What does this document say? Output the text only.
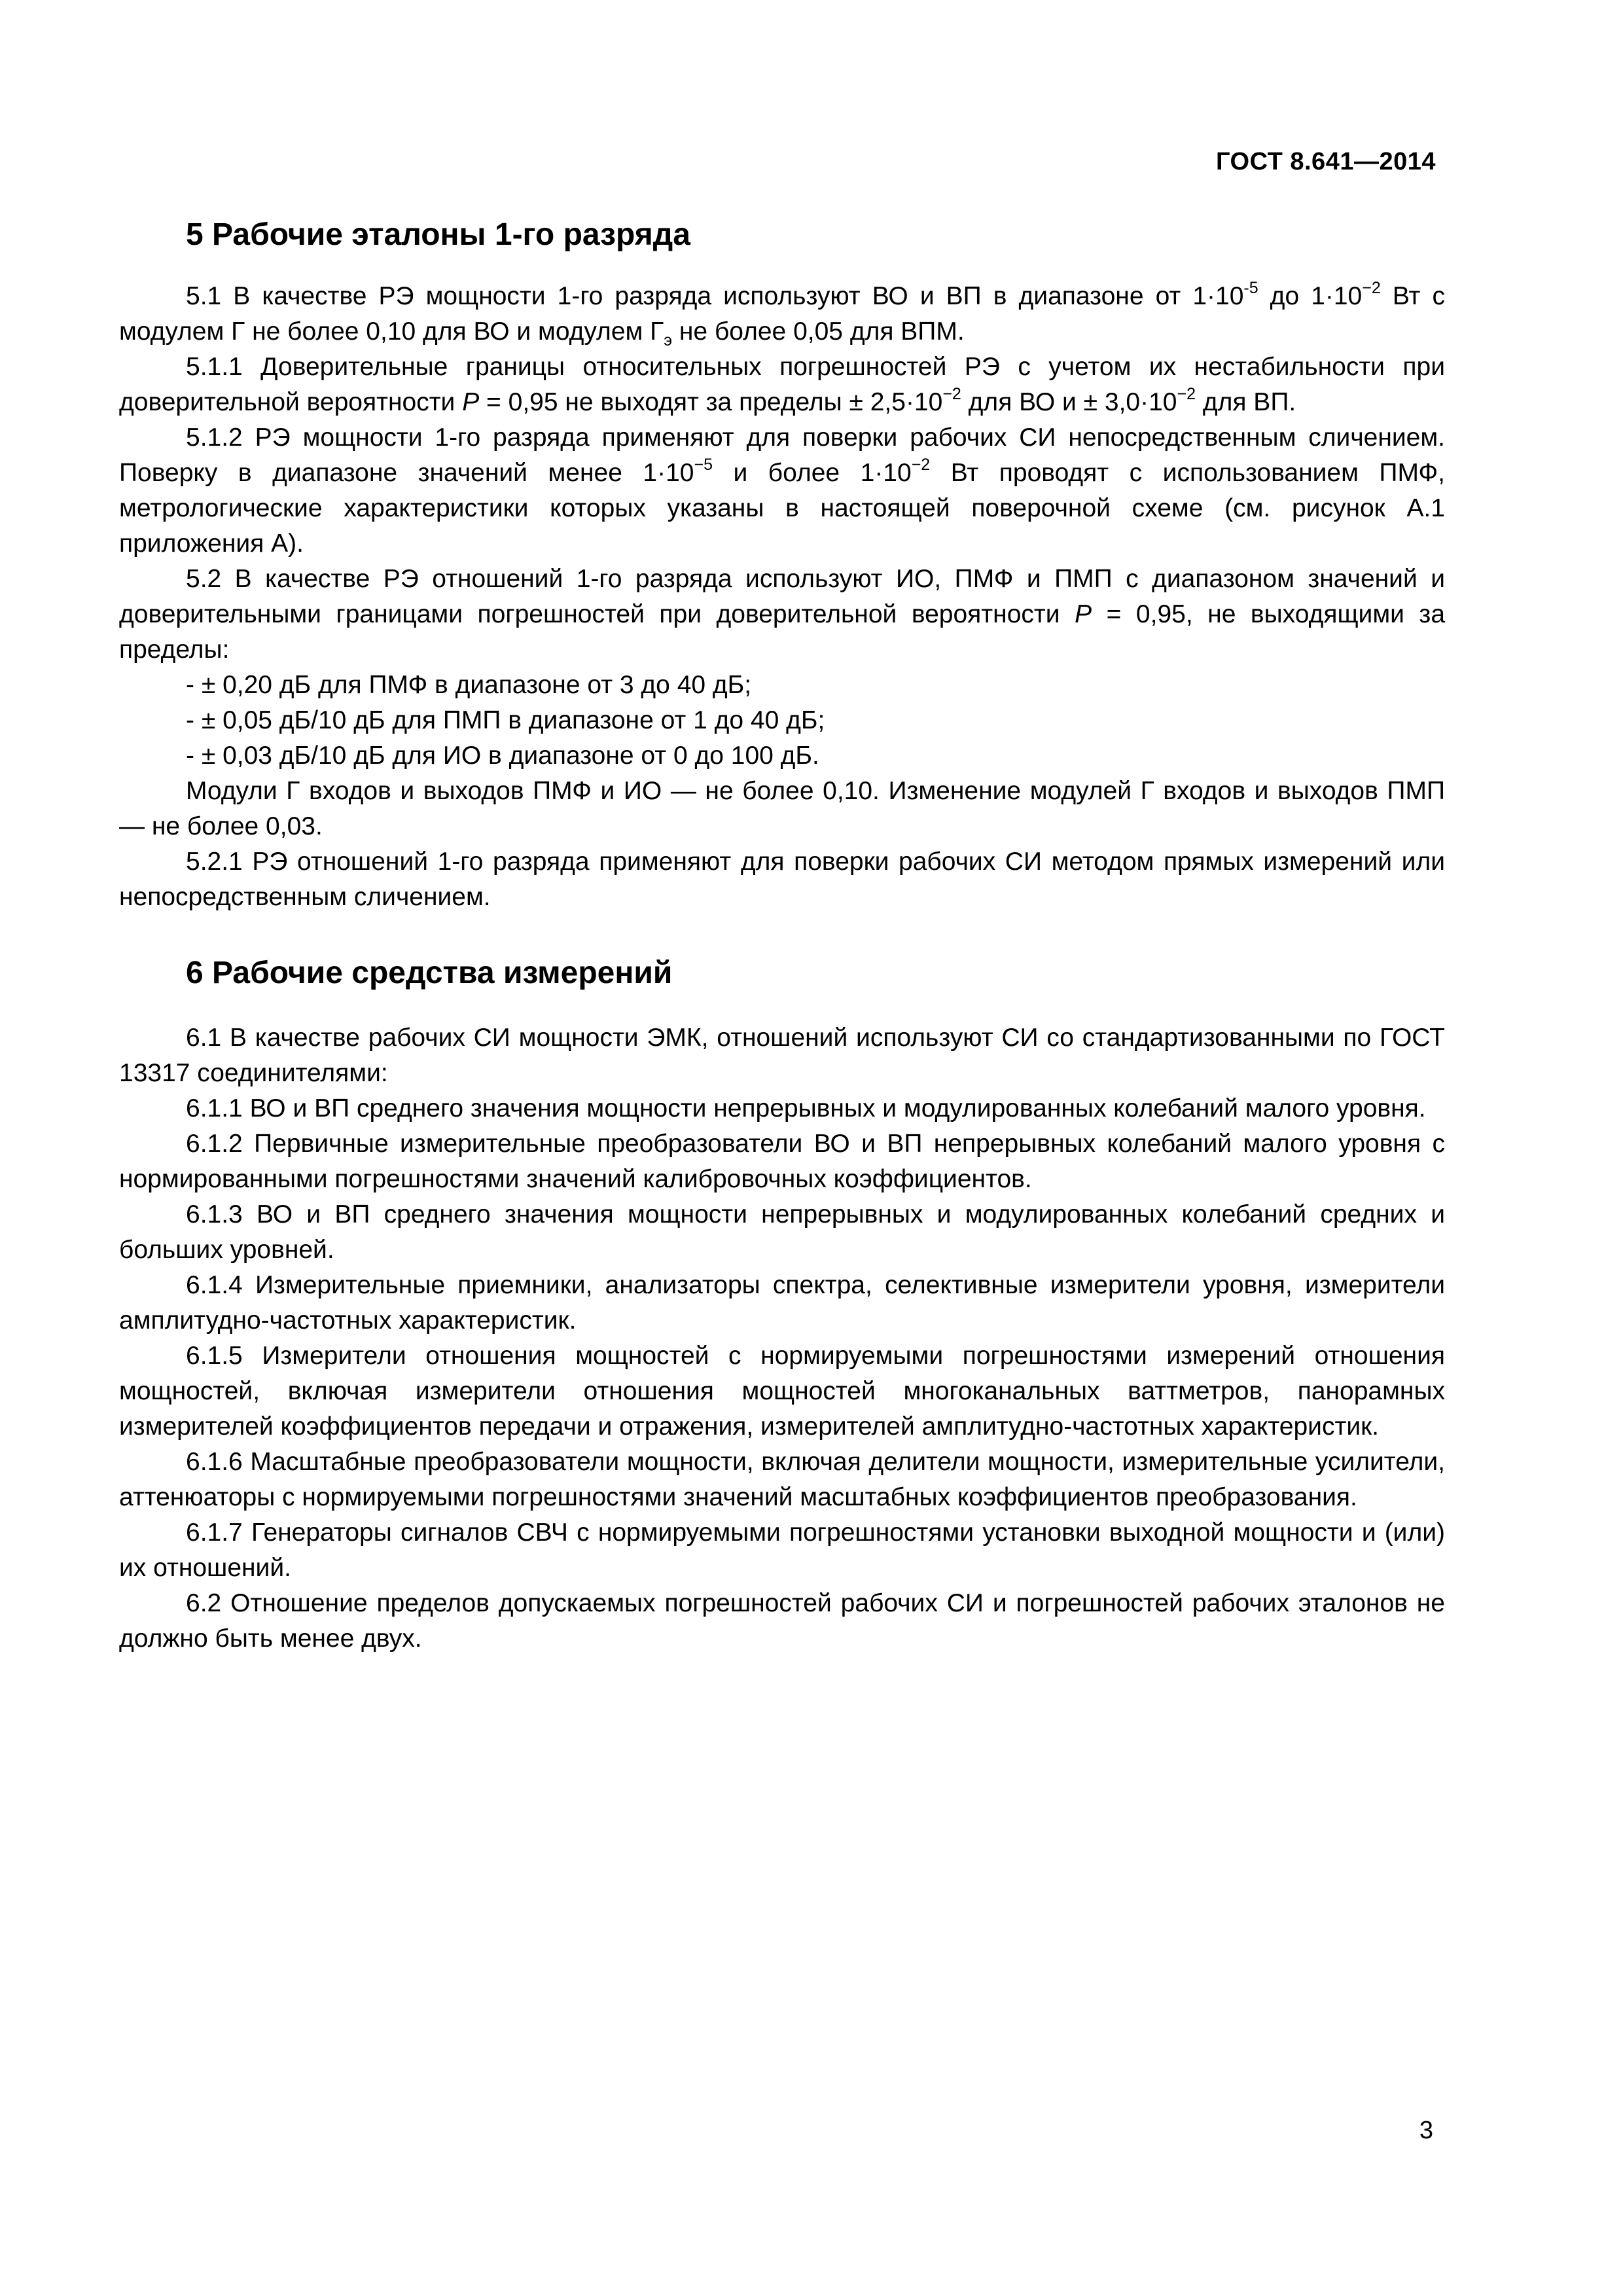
ГОСТ 8.641—2014
5 Рабочие эталоны 1-го разряда

5.1 В качестве РЭ мощности 1-го разряда используют ВО и ВП в диапазоне от $1\cdot 10^{-5}$ до $1\cdot 10^{-2}$ Вт с модулем Г не более 0,10 для ВО и модулем $Г_э$ не более 0,05 для ВПМ.

5.1.1 Доверительные границы относительных погрешностей РЭ с учетом их нестабильности при доверительной вероятности Р = 0,95 не выходят за пределы ± $2,5\cdot 10^{-2}$ для ВО $и \pm 3,0\cdot 10^{-2}$ для ВП.

5.1.2 РЭ мощности 1-го разряда применяют для поверки рабочих СИ непосредственным сличением. Поверку в диапазоне значений менее $1\cdot 10^{-5}$ и более $1\cdot 10^{-2}$ Вт проводят с использованием ПМФ, метрологические характеристики которых указаны в настоящей поверочной схеме (см. рисунок А.1 приложения А).

5.2 В качестве РЭ отношений 1-го разряда используют ИО, ПМФ и ПМП с диапазоном значений и доверительными границами погрешностей при доверительной вероятности Р = 0,95, не выходящими за пределы:

- ± 0,20 дБ для ПМФ в диапазоне от 3 до 40 дБ;

- ± 0,05 дБ/10 дБ для ПМП в диапазоне от 1 до 40 дБ;

- ± 0,03 дБ/10 дБ для ИО в диапазоне от 0 до 100 дБ.

Модули Г входов и выходов ПМФ и ИО — не более 0,10. Изменение модулей Г входов и выходов ПМП — не более 0,03.

5.2.1 РЭ отношений 1-го разряда применяют для поверки рабочих СИ методом прямых измерений или непосредственным сличением.

6 Рабочие средства измерений

6.1 В качестве рабочих СИ мощности ЭМК, отношений используют СИ со стандартизованными по ГОСТ 13317 соединителями:

6.1.1 ВО и ВП среднего значения мощности непрерывных и модулированных колебаний малого уровня.

6.1.2 Первичные измерительные преобразователи ВО и ВП непрерывных колебаний малого уровня с нормированными погрешностями значений калибровочных коэффициентов.

6.1.3 ВО и ВП среднего значения мощности непрерывных и модулированных колебаний средних и больших уровней.

6.1.4 Измерительные приемники, анализаторы спектра, селективные измерители уровня, измерители амплитудно-частотных характеристик.

6.1.5 Измерители отношения мощностей с нормируемыми погрешностями измерений отношения мощностей, включая измерители отношения мощностей многоканальных ваттметров, панорамных измерителей коэффициентов передачи и отражения, измерителей амплитудно-частотных характеристик.

6.1.6 Масштабные преобразователи мощности, включая делители мощности, измерительные усилители, аттенюаторы с нормируемыми погрешностями значений масштабных коэффициентов преобразования.

6.1.7 Генераторы сигналов СВЧ с нормируемыми погрешностями установки выходной мощности и (или) их отношений.

6.2 Отношение пределов допускаемых погрешностей рабочих СИ и погрешностей рабочих эталонов не должно быть менее двух.

3
